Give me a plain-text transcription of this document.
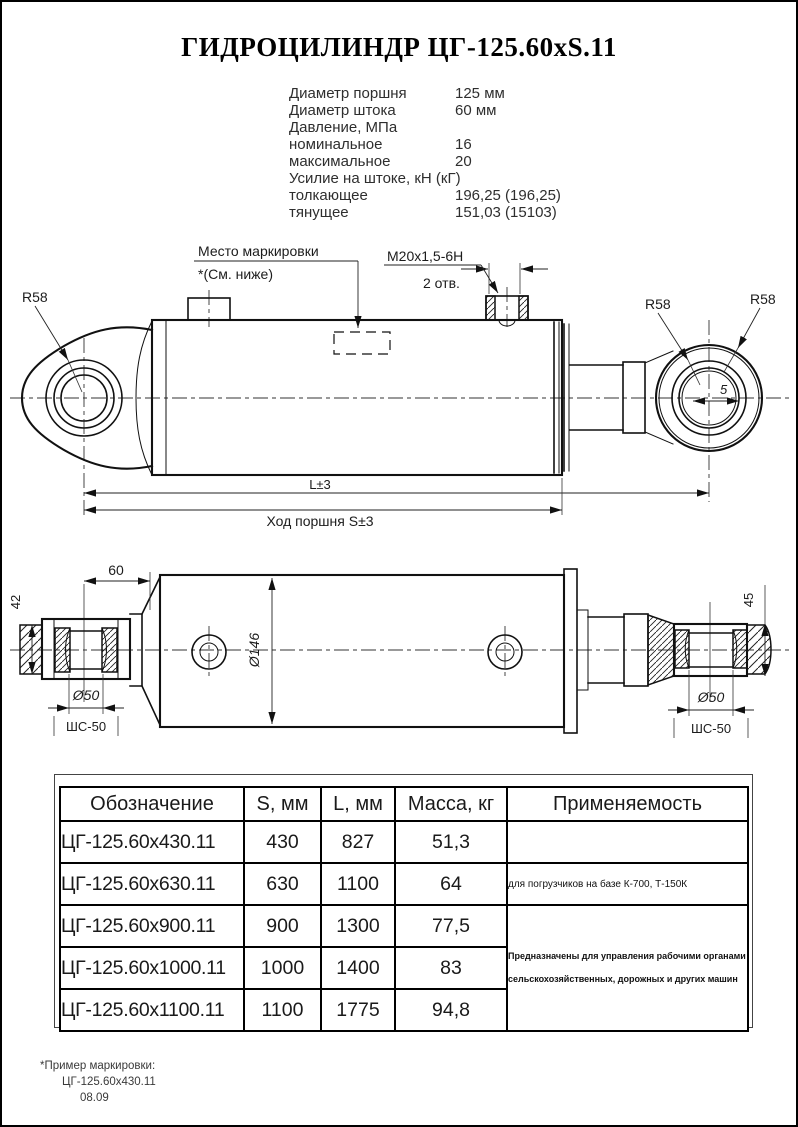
ГИДРОЦИЛИНДР ЦГ-125.60хS.11
Диаметр поршня	125 мм
Диаметр штока	60 мм
Давление, МПа
номинальное	16
максимальное	20
Усилие на штоке, кН (кГ)
толкающее	196,25 (196,25)
тянущее	151,03 (15103)
5
R58	R58	R58
Место маркировки
*(См. ниже)
М20х1,5-6Н
2 отв.
L±3
Ход поршня S±3
Ø146
60
42
Ø50
ШС-50
45
Ø50
ШС-50
Обозначение	S, мм	L, мм	Масса, кг	Применяемость
ЦГ-125.60х430.11	430	827	51,3	
ЦГ-125.60х630.11	630	1100	64	для погрузчиков на базе К-700, Т-150К
ЦГ-125.60х900.11	900	1300	77,5	Предназначены для управления рабочими органами сельскохозяйственных, дорожных и других машин
ЦГ-125.60х1000.11	1000	1400	83	
ЦГ-125.60х1100.11	1100	1775	94,8	
*Пример маркировки:
ЦГ-125.60х430.11
08.09
